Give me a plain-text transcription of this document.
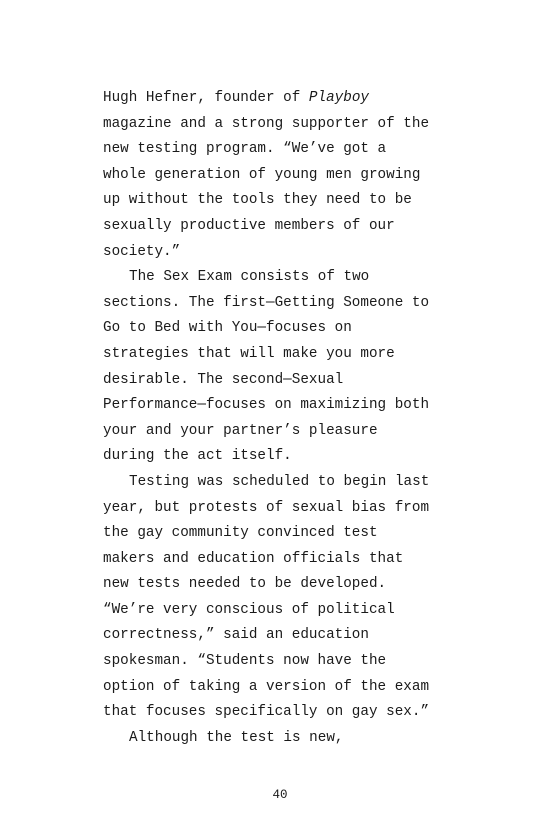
Hugh Hefner, founder of Playboy
magazine and a strong supporter of the
new testing program. “We’ve got a
whole generation of young men growing
up without the tools they need to be
sexually productive members of our
society.”
The Sex Exam consists of two
sections. The first—Getting Someone to
Go to Bed with You—focuses on
strategies that will make you more
desirable. The second—Sexual
Performance—focuses on maximizing both
your and your partner’s pleasure
during the act itself.
Testing was scheduled to begin last
year, but protests of sexual bias from
the gay community convinced test
makers and education officials that
new tests needed to be developed.
“We’re very conscious of political
correctness,” said an education
spokesman. “Students now have the
option of taking a version of the exam
that focuses specifically on gay sex.”
Although the test is new,
40
